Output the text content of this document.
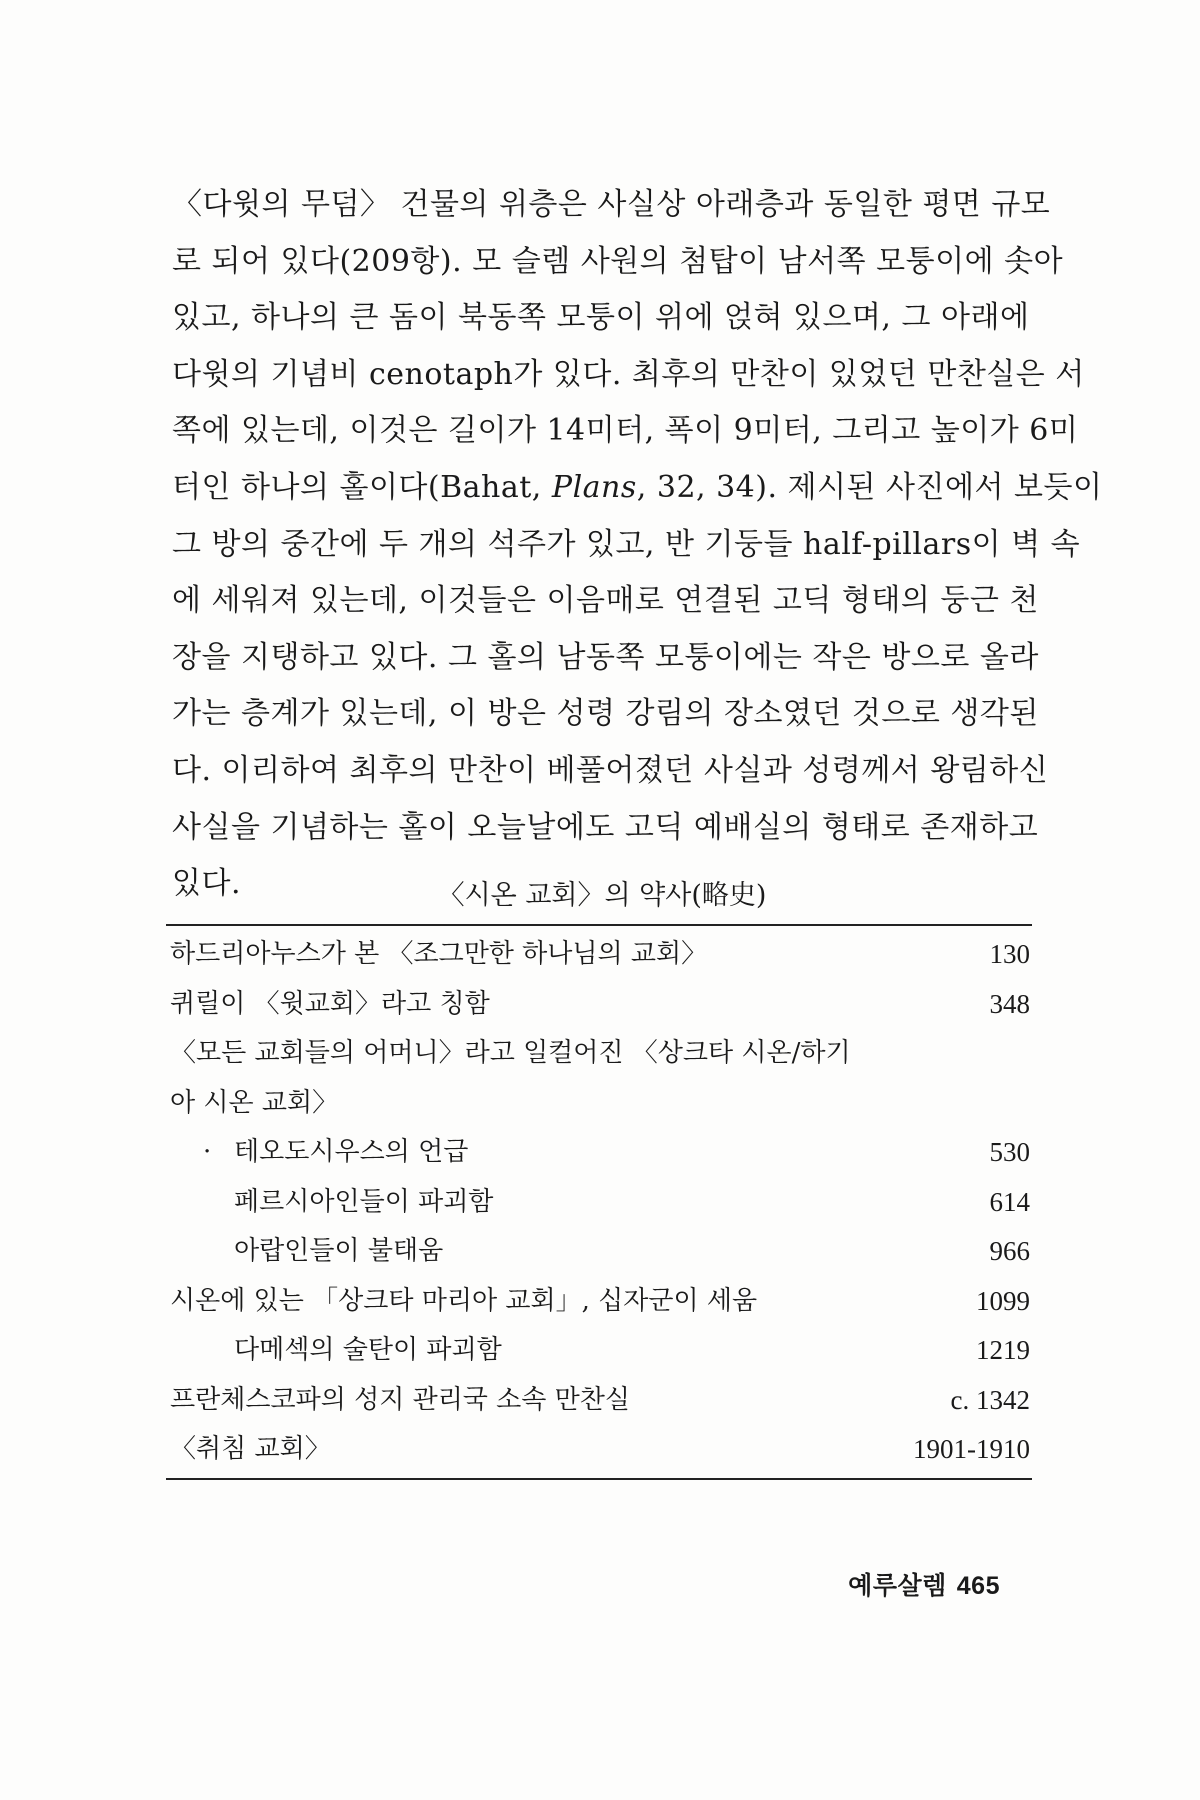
〈다윗의 무덤〉 건물의 위층은 사실상 아래층과 동일한 평면 규모
로 되어 있다(209항). 모 슬렘 사원의 첨탑이 남서쪽 모퉁이에 솟아
있고, 하나의 큰 돔이 북동쪽 모퉁이 위에 얹혀 있으며, 그 아래에
다윗의 기념비 cenotaph가 있다. 최후의 만찬이 있었던 만찬실은 서
쪽에 있는데, 이것은 길이가 14미터, 폭이 9미터, 그리고 높이가 6미
터인 하나의 홀이다(Bahat, Plans, 32, 34). 제시된 사진에서 보듯이
그 방의 중간에 두 개의 석주가 있고, 반 기둥들 half-pillars이 벽 속
에 세워져 있는데, 이것들은 이음매로 연결된 고딕 형태의 둥근 천
장을 지탱하고 있다. 그 홀의 남동쪽 모퉁이에는 작은 방으로 올라
가는 층계가 있는데, 이 방은 성령 강림의 장소였던 것으로 생각된
다. 이리하여 최후의 만찬이 베풀어졌던 사실과 성령께서 왕림하신
사실을 기념하는 홀이 오늘날에도 고딕 예배실의 형태로 존재하고
있다.	〈시온 교회〉의 약사(略史)
하드리아누스가 본 〈조그만한 하나님의 교회〉	130
퀴릴이 〈윗교회〉라고 칭함	348
〈모든 교회들의 어머니〉라고 일컬어진 〈상크타 시온/하기아 시온 교회〉
· 테오도시우스의 언급	530
페르시아인들이 파괴함	614
아랍인들이 불태움	966
시온에 있는 「상크타 마리아 교회」, 십자군이 세움	1099
다메섹의 술탄이 파괴함	1219
프란체스코파의 성지 관리국 소속 만찬실	c. 1342
〈취침 교회〉	1901-1910
예루살렘 465
